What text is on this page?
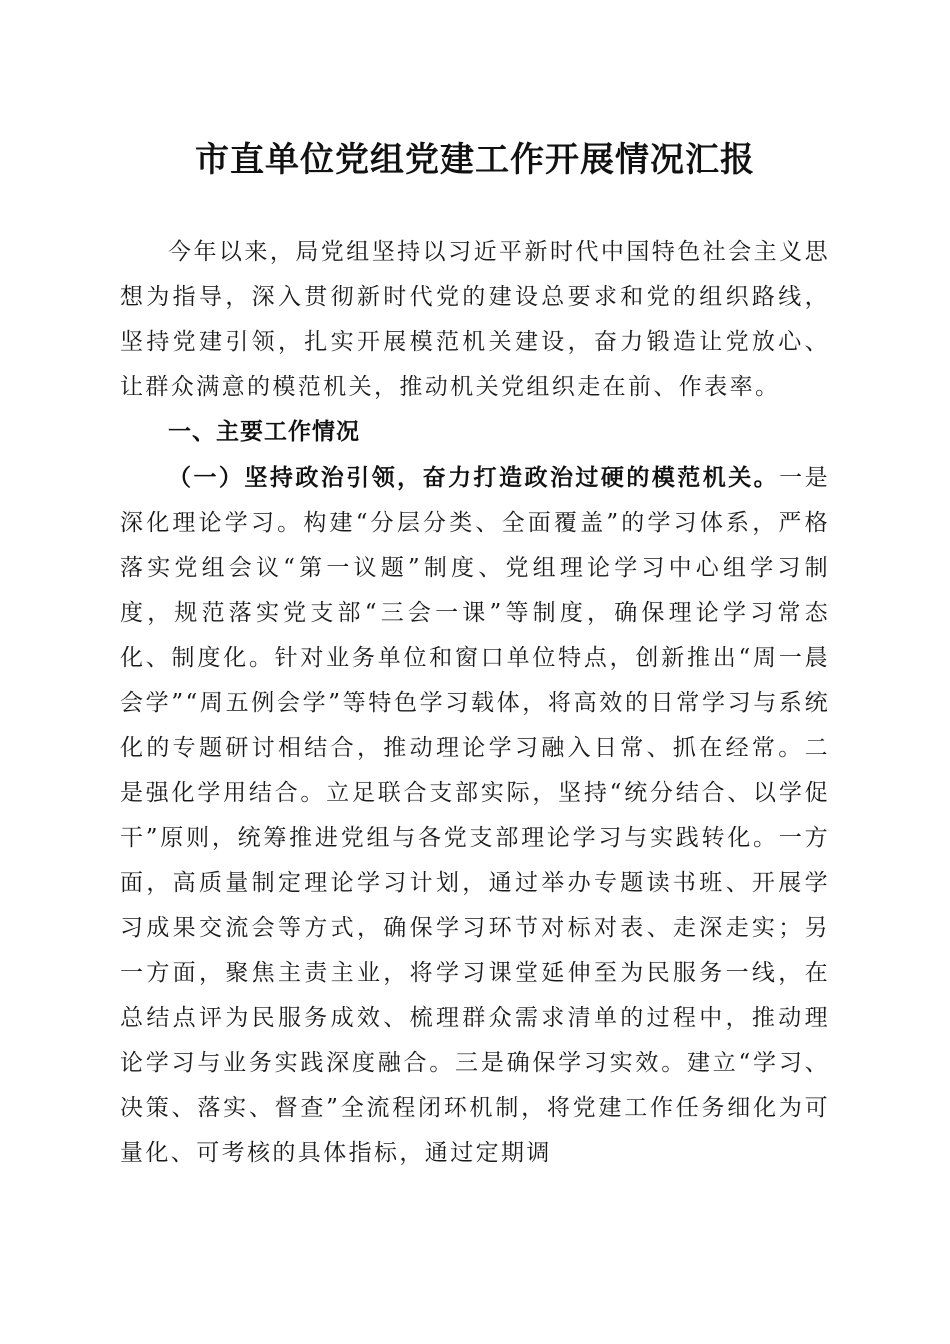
市直单位党组党建工作开展情况汇报
今年以来，局党组坚持以习近平新时代中国特色社会主义思想为指导，深入贯彻新时代党的建设总要求和党的组织路线，坚持党建引领，扎实开展模范机关建设，奋力锻造让党放心、让群众满意的模范机关，推动机关党组织走在前、作表率。
一、主要工作情况
（一）坚持政治引领，奋力打造政治过硬的模范机关。一是深化理论学习。构建“分层分类、全面覆盖”的学习体系，严格落实党组会议“第一议题”制度、党组理论学习中心组学习制度，规范落实党支部“三会一课”等制度，确保理论学习常态化、制度化。针对业务单位和窗口单位特点，创新推出“周一晨会学”“周五例会学”等特色学习载体，将高效的日常学习与系统化的专题研讨相结合，推动理论学习融入日常、抓在经常。二是强化学用结合。立足联合支部实际，坚持“统分结合、以学促干”原则，统筹推进党组与各党支部理论学习与实践转化。一方面，高质量制定理论学习计划，通过举办专题读书班、开展学习成果交流会等方式，确保学习环节对标对表、走深走实；另一方面，聚焦主责主业，将学习课堂延伸至为民服务一线，在总结点评为民服务成效、梳理群众需求清单的过程中，推动理论学习与业务实践深度融合。三是确保学习实效。建立“学习、决策、落实、督查”全流程闭环机制，将党建工作任务细化为可量化、可考核的具体指标，通过定期调
